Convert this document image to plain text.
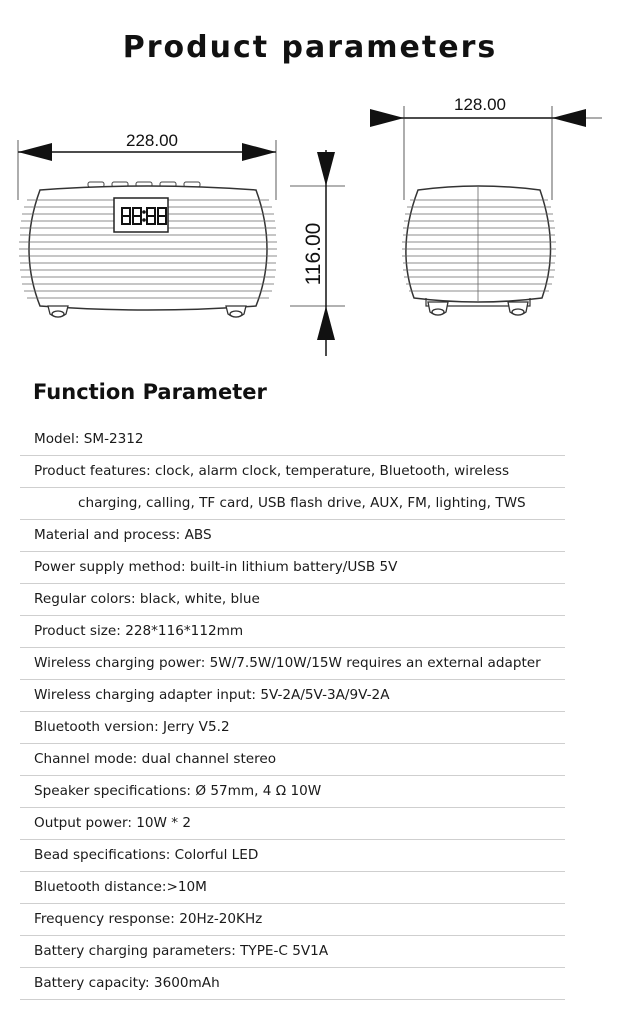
Product parameters
228.00
116.00
128.00
Function Parameter
Model: SM-2312
Product features: clock, alarm clock, temperature, Bluetooth, wireless
charging, calling, TF card, USB flash drive, AUX, FM, lighting, TWS
Material and process: ABS
Power supply method: built-in lithium battery/USB 5V
Regular colors: black, white, blue
Product size: 228*116*112mm
Wireless charging power: 5W/7.5W/10W/15W requires an external adapter
Wireless charging adapter input: 5V-2A/5V-3A/9V-2A
Bluetooth version: Jerry V5.2
Channel mode: dual channel stereo
Speaker specifications: Ø 57mm, 4 Ω 10W
Output power: 10W * 2
Bead specifications: Colorful LED
Bluetooth distance:>10M
Frequency response: 20Hz-20KHz
Battery charging parameters: TYPE-C 5V1A
Battery capacity: 3600mAh
